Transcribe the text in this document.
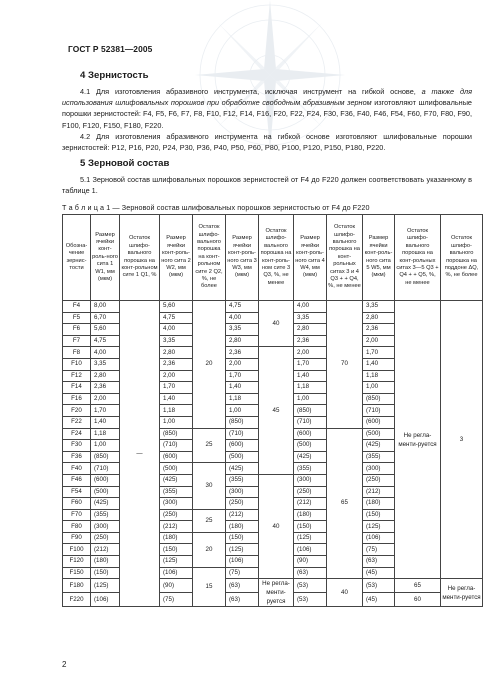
ГОСТ Р 52381—2005
4 Зернистость
4.1 Для изготовления абразивного инструмента, исключая инструмент на гибкой основе, а также для использования шлифовальных порошков при обработке свободным абразивным зерном изготовляют шлифовальные порошки зернистостей: F4, F5, F6, F7, F8, F10, F12, F14, F16, F20, F22, F24, F30, F36, F40, F46, F54, F60, F70, F80, F90, F100, F120, F150, F180, F220.
4.2 Для изготовления абразивного инструмента на гибкой основе изготовляют шлифовальные порошки зернистостей: P12, P16, P20, P24, P30, P36, P40, P50, P60, P80, P100, P120, P150, P180, P220.
5 Зерновой состав
5.1 Зерновой состав шлифовальных порошков зернистостей от F4 до F220 должен соответствовать указанному в таблице 1.
Т а б л и ц а 1 — Зерновой состав шлифовальных порошков зернистостью от F4 до F220
Обозна-чение зернис-тости	Размер ячейки конт-роль-ного сита 1 W1, мм (мкм)	Остаток шлифо-вального порошка на конт-рольном сите 1 Q1, %	Размер ячейки конт-роль-ного сита 2 W2, мм (мкм)	Остаток шлифо-вального порошка на конт-рольном сите 2 Q2, %, не более	Размер ячейки конт-роль-ного сита 3 W3, мм (мкм)	Остаток шлифо-вального порошка на конт-роль-ном сите 3 Q3, %, не менее	Размер ячейки конт-роль-ного сита 4 W4, мм (мкм)	Остаток шлифо-вального порошка на конт-рольных ситах 3 и 4 Q3 + + Q4, %, не менее	Размер ячейки конт-роль-ного сита 5 W5, мм (мкм)	Остаток шлифо-вального порошка на конт-рольных ситах 3—5 Q3 + Q4 + + Q5, %, не менее	Остаток шлифо-вального порошка на поддоне ΔQ, %, не более
F4	8,00	—	5,60	20	4,75	40	4,00	70	3,35	Не регла-менти-руется	3
F5	6,70		4,75		4,00		3,35		2,80		
F6	5,60		4,00		3,35		2,80		2,36		
F7	4,75		3,35		2,80		2,36		2,00		
F8	4,00		2,80		2,36	45	2,00		1,70		
F10	3,35		2,36		2,00		1,70		1,40		
F12	2,80		2,00		1,70		1,40		1,18		
F14	2,36		1,70		1,40		1,18		1,00		
F16	2,00		1,40		1,18		1,00		(850)		
F20	1,70		1,18		1,00		(850)		(710)		
F22	1,40		1,00		(850)		(710)		(600)		
F24	1,18		(850)	25	(710)		(600)	65	(500)		
F30	1,00		(710)		(600)		(500)		(425)		
F36	(850)		(600)		(500)		(425)		(355)		
F40	(710)		(500)	30	(425)		(355)		(300)		
F46	(600)		(425)		(355)	40	(300)		(250)		
F54	(500)		(355)		(300)		(250)		(212)		
F60	(425)		(300)		(250)		(212)		(180)		
F70	(355)		(250)	25	(212)		(180)		(150)		
F80	(300)		(212)		(180)		(150)		(125)		
F90	(250)		(180)	20	(150)		(125)		(106)		
F100	(212)		(150)		(125)		(106)		(75)		
F120	(180)		(125)		(106)		(90)		(63)		
F150	(150)		(106)	15	(75)		(63)		(45)		
F180	(125)		(90)		(63)	Не регла-менти-руется	(53)	40	(53)	65	Не регла-менти-руется
F220	(106)		(75)		(63)		(53)		(45)	60	
2
